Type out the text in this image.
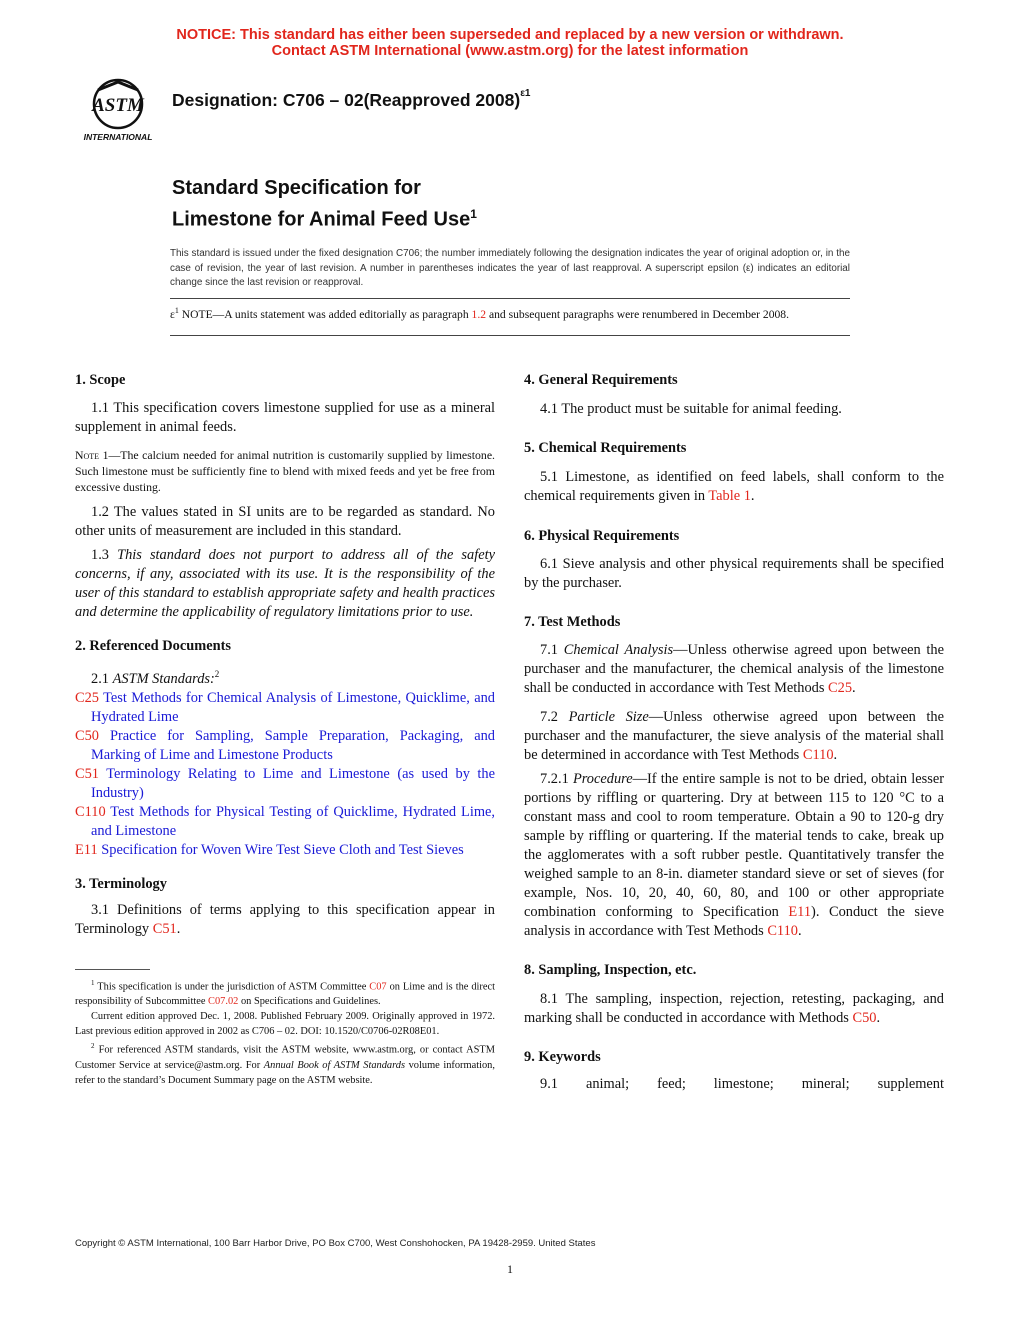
NOTICE: This standard has either been superseded and replaced by a new version or withdrawn.
Contact ASTM International (www.astm.org) for the latest information
ASTM
INTERNATIONAL
Designation: C706 – 02(Reapproved 2008)$^{\varepsilon 1}$
Standard Specification for
Limestone for Animal Feed Use$^1$
This standard is issued under the fixed designation C706; the number immediately following the designation indicates the year of original adoption or, in the case of revision, the year of last revision. A number in parentheses indicates the year of last reapproval. A superscript epsilon (ε) indicates an editorial change since the last revision or reapproval.
$\varepsilon^1$ NOTE—A units statement was added editorially as paragraph 1.2 and subsequent paragraphs were renumbered in December 2008.
1. Scope

1.1 This specification covers limestone supplied for use as a mineral supplement in animal feeds.

Note 1—The calcium needed for animal nutrition is customarily supplied by limestone. Such limestone must be sufficiently fine to blend with mixed feeds and yet be free from excessive dusting.

1.2 The values stated in SI units are to be regarded as standard. No other units of measurement are included in this standard.

1.3 This standard does not purport to address all of the safety concerns, if any, associated with its use. It is the responsibility of the user of this standard to establish appropriate safety and health practices and determine the applicability of regulatory limitations prior to use.

2. Referenced Documents

2.1 ASTM Standards:$^2$

C25 Test Methods for Chemical Analysis of Limestone, Quicklime, and Hydrated Lime
C50 Practice for Sampling, Sample Preparation, Packaging, and Marking of Lime and Limestone Products
C51 Terminology Relating to Lime and Limestone (as used by the Industry)
C110 Test Methods for Physical Testing of Quicklime, Hydrated Lime, and Limestone
E11 Specification for Woven Wire Test Sieve Cloth and Test Sieves
3. Terminology

3.1 Definitions of terms applying to this specification appear in Terminology C51.

$^1$ This specification is under the jurisdiction of ASTM Committee C07 on Lime and is the direct responsibility of Subcommittee C07.02 on Specifications and Guidelines.

Current edition approved Dec. 1, 2008. Published February 2009. Originally approved in 1972. Last previous edition approved in 2002 as C706 – 02. DOI: 10.1520/C0706-02R08E01.

$^2$ For referenced ASTM standards, visit the ASTM website, www.astm.org, or contact ASTM Customer Service at service@astm.org. For Annual Book of ASTM Standards volume information, refer to the standard’s Document Summary page on the ASTM website.

4. General Requirements

4.1 The product must be suitable for animal feeding.

5. Chemical Requirements

5.1 Limestone, as identified on feed labels, shall conform to the chemical requirements given in Table 1.

6. Physical Requirements

6.1 Sieve analysis and other physical requirements shall be specified by the purchaser.

7. Test Methods

7.1 Chemical Analysis—Unless otherwise agreed upon between the purchaser and the manufacturer, the chemical analysis of the limestone shall be conducted in accordance with Test Methods C25.

7.2 Particle Size—Unless otherwise agreed upon between the purchaser and the manufacturer, the sieve analysis of the material shall be determined in accordance with Test Methods C110.

7.2.1 Procedure—If the entire sample is not to be dried, obtain lesser portions by riffling or quartering. Dry at between 115 to 120 °C to a constant mass and cool to room temperature. Obtain a 90 to 120-g dry sample by riffling or quartering. If the material tends to cake, break up the agglomerates with a soft rubber pestle. Quantitatively transfer the weighed sample to an 8-in. diameter standard sieve or set of sieves (for example, Nos. 10, 20, 40, 60, 80, and 100 or other appropriate combination conforming to Specification E11). Conduct the sieve analysis in accordance with Test Methods C110.

8. Sampling, Inspection, etc.

8.1 The sampling, inspection, rejection, retesting, packaging, and marking shall be conducted in accordance with Methods C50.

9. Keywords

9.1 animal; feed; limestone; mineral; supplement

Copyright © ASTM International, 100 Barr Harbor Drive, PO Box C700, West Conshohocken, PA 19428-2959. United States
1
